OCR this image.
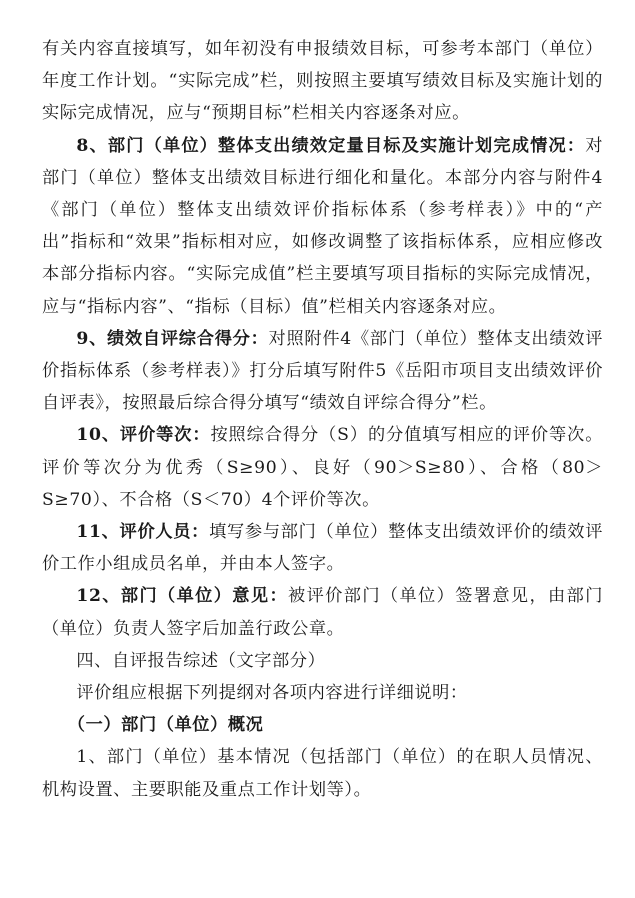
有关内容直接填写，如年初没有申报绩效目标，可参考本部门（单位）年度工作计划。“实际完成”栏，则按照主要填写绩效目标及实施计划的实际完成情况，应与“预期目标”栏相关内容逐条对应。

8、部门（单位）整体支出绩效定量目标及实施计划完成情况：对部门（单位）整体支出绩效目标进行细化和量化。本部分内容与附件4《部门（单位）整体支出绩效评价指标体系（参考样表）》中的“产出”指标和“效果”指标相对应，如修改调整了该指标体系，应相应修改本部分指标内容。“实际完成值”栏主要填写项目指标的实际完成情况，应与“指标内容”、“指标（目标）值”栏相关内容逐条对应。

9、绩效自评综合得分：对照附件4《部门（单位）整体支出绩效评价指标体系（参考样表）》打分后填写附件5《岳阳市项目支出绩效评价自评表》，按照最后综合得分填写“绩效自评综合得分”栏。

10、评价等次：按照综合得分（S）的分值填写相应的评价等次。评价等次分为优秀（S≥90）、良好（90＞S≥80）、合格（80＞S≥70）、不合格（S＜70）4个评价等次。

11、评价人员：填写参与部门（单位）整体支出绩效评价的绩效评价工作小组成员名单，并由本人签字。

12、部门（单位）意见：被评价部门（单位）签署意见，由部门（单位）负责人签字后加盖行政公章。

四、自评报告综述（文字部分）

评价组应根据下列提纲对各项内容进行详细说明：

（一）部门（单位）概况

1、部门（单位）基本情况（包括部门（单位）的在职人员情况、机构设置、主要职能及重点工作计划等）。
